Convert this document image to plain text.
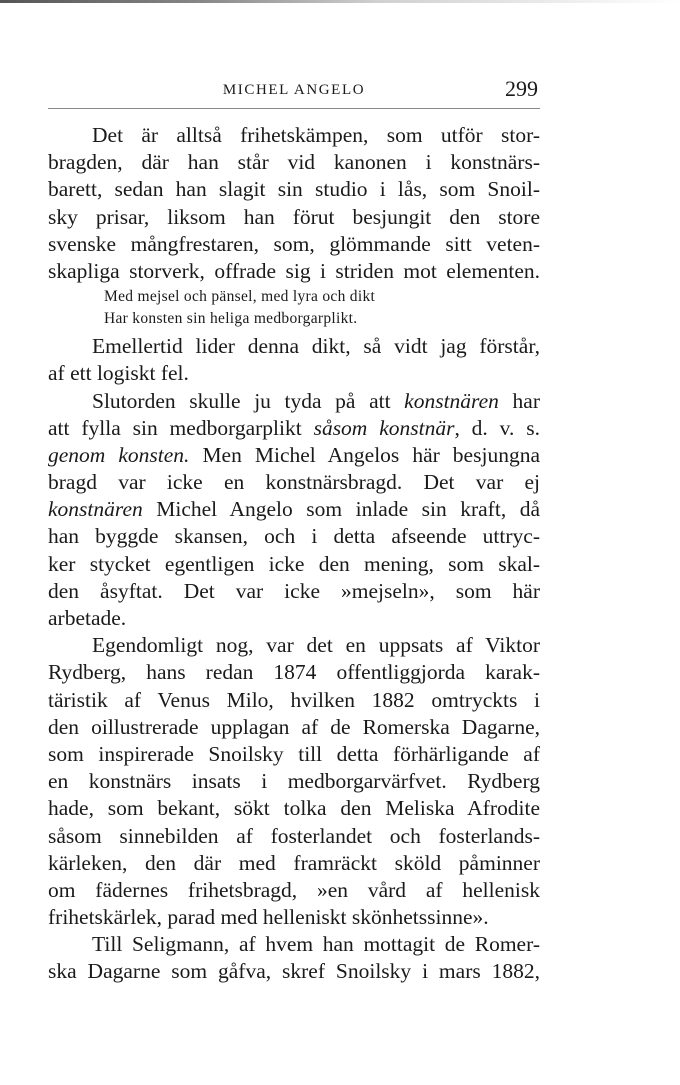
MICHEL ANGELO	299
Det är alltså frihetskämpen, som utför stor-
bragden, där han står vid kanonen i konstnärs-
barett, sedan han slagit sin studio i lås, som Snoil-
sky prisar, liksom han förut besjungit den store
svenske mångfrestaren, som, glömmande sitt veten-
skapliga storverk, offrade sig i striden mot elementen.
Med mejsel och pänsel, med lyra och dikt
Har konsten sin heliga medborgarplikt.
Emellertid lider denna dikt, så vidt jag förstår,
af ett logiskt fel.
Slutorden skulle ju tyda på att konstnären har
att fylla sin medborgarplikt såsom konstnär, d. v. s.
genom konsten. Men Michel Angelos här besjungna
bragd var icke en konstnärsbragd. Det var ej
konstnären Michel Angelo som inlade sin kraft, då
han byggde skansen, och i detta afseende uttryc-
ker stycket egentligen icke den mening, som skal-
den åsyftat. Det var icke »mejseln», som här
arbetade.
Egendomligt nog, var det en uppsats af Viktor
Rydberg, hans redan 1874 offentliggjorda karak-
täristik af Venus Milo, hvilken 1882 omtryckts i
den oillustrerade upplagan af de Romerska Dagarne,
som inspirerade Snoilsky till detta förhärligande af
en konstnärs insats i medborgarvärfvet. Rydberg
hade, som bekant, sökt tolka den Meliska Afrodite
såsom sinnebilden af fosterlandet och fosterlands-
kärleken, den där med framräckt sköld påminner
om fädernes frihetsbragd, »en vård af hellenisk
frihetskärlek, parad med helleniskt skönhetssinne».
Till Seligmann, af hvem han mottagit de Romer-
ska Dagarne som gåfva, skref Snoilsky i mars 1882,
